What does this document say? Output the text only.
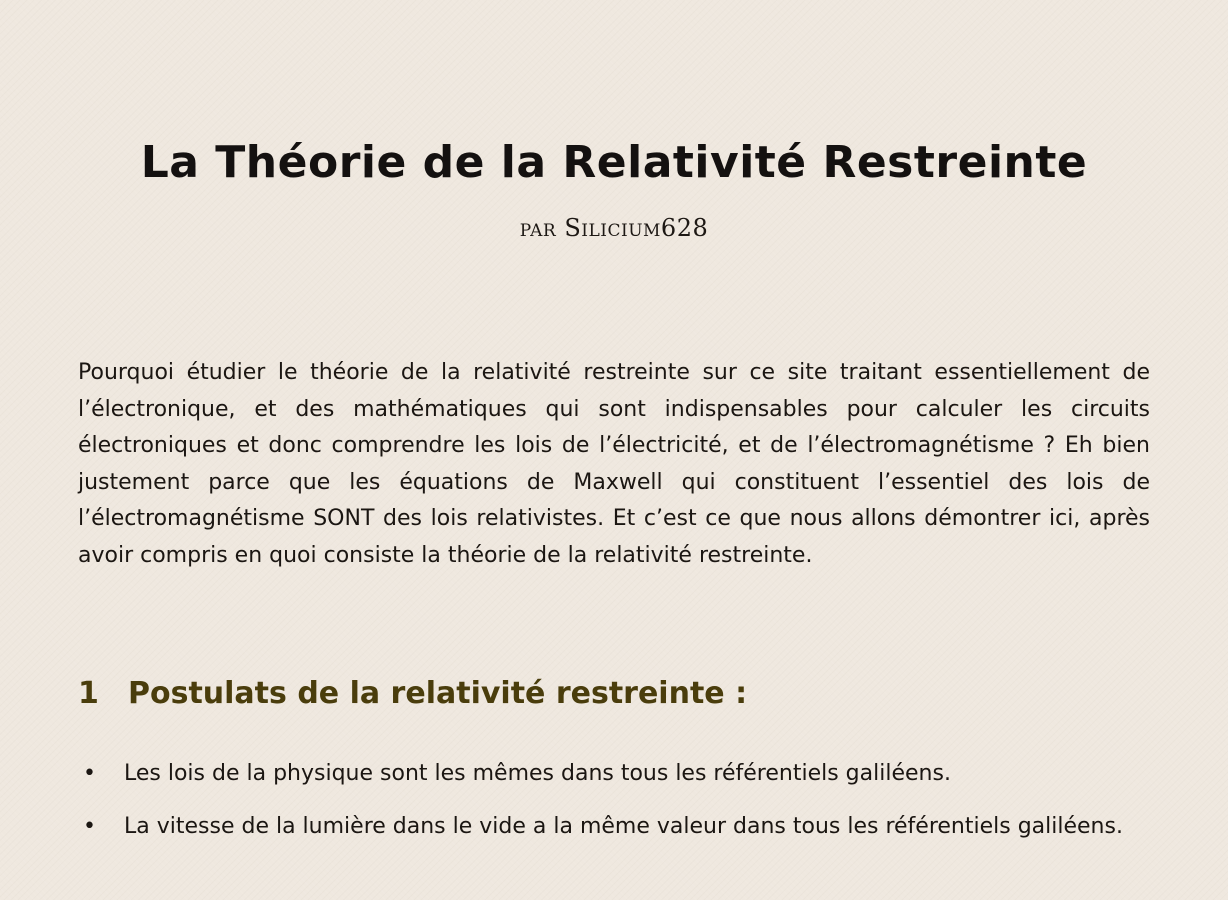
La Théorie de la Relativité Restreinte
par Silicium628

Pourquoi étudier le théorie de la relativité restreinte sur ce site traitant essentiellement de l’électronique, et des mathématiques qui sont indispensables pour calculer les circuits électroniques et donc comprendre les lois de l’électricité, et de l’électromagnétisme ? Eh bien justement parce que les équations de Maxwell qui constituent l’essentiel des lois de l’électromagnétisme SONT des lois relativistes. Et c’est ce que nous allons démontrer ici, après avoir compris en quoi consiste la théorie de la relativité restreinte.

1 Postulats de la relativité restreinte :
• Les lois de la physique sont les mêmes dans tous les référentiels galiléens.
• La vitesse de la lumière dans le vide a la même valeur dans tous les référentiels galiléens.
